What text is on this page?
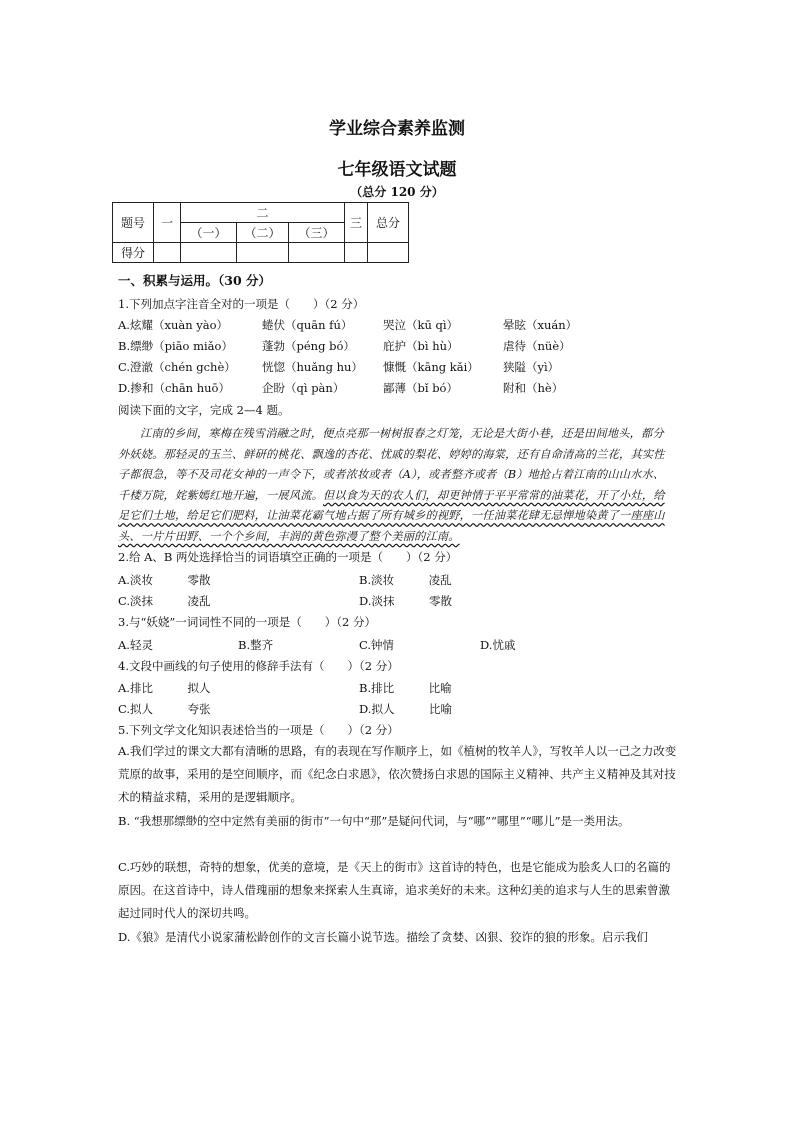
学业综合素养监测
七年级语文试题
（总分 120 分）
题号	一	二			三	总分
		（一）	（二）	（三）		
得分						
一、积累与运用。（30 分）
1.下列加点字注音全对的一项是（　　）（2 分）
A.炫耀（xuàn yào）	蜷伏（quān fú）	哭泣（kū qì）	晕眩（xuán）
B.缥缈（piāo miǎo）	蓬勃（péng bó） 庇护（bì hù）	虐待（nüè）
C.澄澈（chén gchè） 恍惚（huǎng hu） 慷慨（kāng kǎi） 狭隘（yì）
D.掺和（chān huō）	企盼（qì pàn）	鄙薄（bǐ bó）	附和（hè）
阅读下面的文字，完成 2—4 题。
江南的乡间，寒梅在残雪消融之时，便点亮那一树树报春之灯笼，无论是大街小巷，还是田间地头，都分外妖娆。那轻灵的玉兰、鲜研的桃花、飘逸的杏花、忧戚的梨花、婷婷的海棠，还有自命清高的兰花，其实性子都很急，等不及司花女神的一声令下，或者浓妆或者（A），或者整齐或者（B）地抢占着江南的山山水水、千楼万院，姹紫嫣红地开遍，一展风流。但以食为天的农人们，却更钟情于平平常常的油菜花，开了小灶，给足它们土地，给足它们肥料，让油菜花霸气地占据了所有城乡的视野，一任油菜花肆无忌惮地染黄了一座座山头、一片片田野、一个个乡间，丰润的黄色弥漫了整个美丽的江南。
2.给 A、B 两处选择恰当的词语填空正确的一项是（　　）（2 分）
A.淡妆　　　零散	B.淡妆　　　凌乱
C.淡抹　　　凌乱	D.淡抹　　　零散
3.与“妖娆”一词词性不同的一项是（　　）（2 分）
A.轻灵	B.整齐	C.钟情	D.忧戚
4.文段中画线的句子使用的修辞手法有（　　）（2 分）
A.排比　　　拟人	B.排比　　　比喻
C.拟人　　　夸张	D.拟人　　　比喻
5.下列文学文化知识表述恰当的一项是（　　）（2 分）
A.我们学过的课文大都有清晰的思路，有的表现在写作顺序上，如《植树的牧羊人》，写牧羊人以一己之力改变荒原的故事，采用的是空间顺序，而《纪念白求恩》，依次赞扬白求恩的国际主义精神、共产主义精神及其对技术的精益求精，采用的是逻辑顺序。
B. “我想那缥缈的空中定然有美丽的街市”一句中“那”是疑问代词，与“哪”“哪里”“哪儿”是一类用法。
C.巧妙的联想，奇特的想象，优美的意境，是《天上的街市》这首诗的特色，也是它能成为脍炙人口的名篇的原因。在这首诗中，诗人借瑰丽的想象来探索人生真谛，追求美好的未来。这种幻美的追求与人生的思索曾激起过同时代人的深切共鸣。
D.《狼》是清代小说家蒲松龄创作的文言长篇小说节选。描绘了贪婪、凶狠、狡诈的狼的形象。启示我们
